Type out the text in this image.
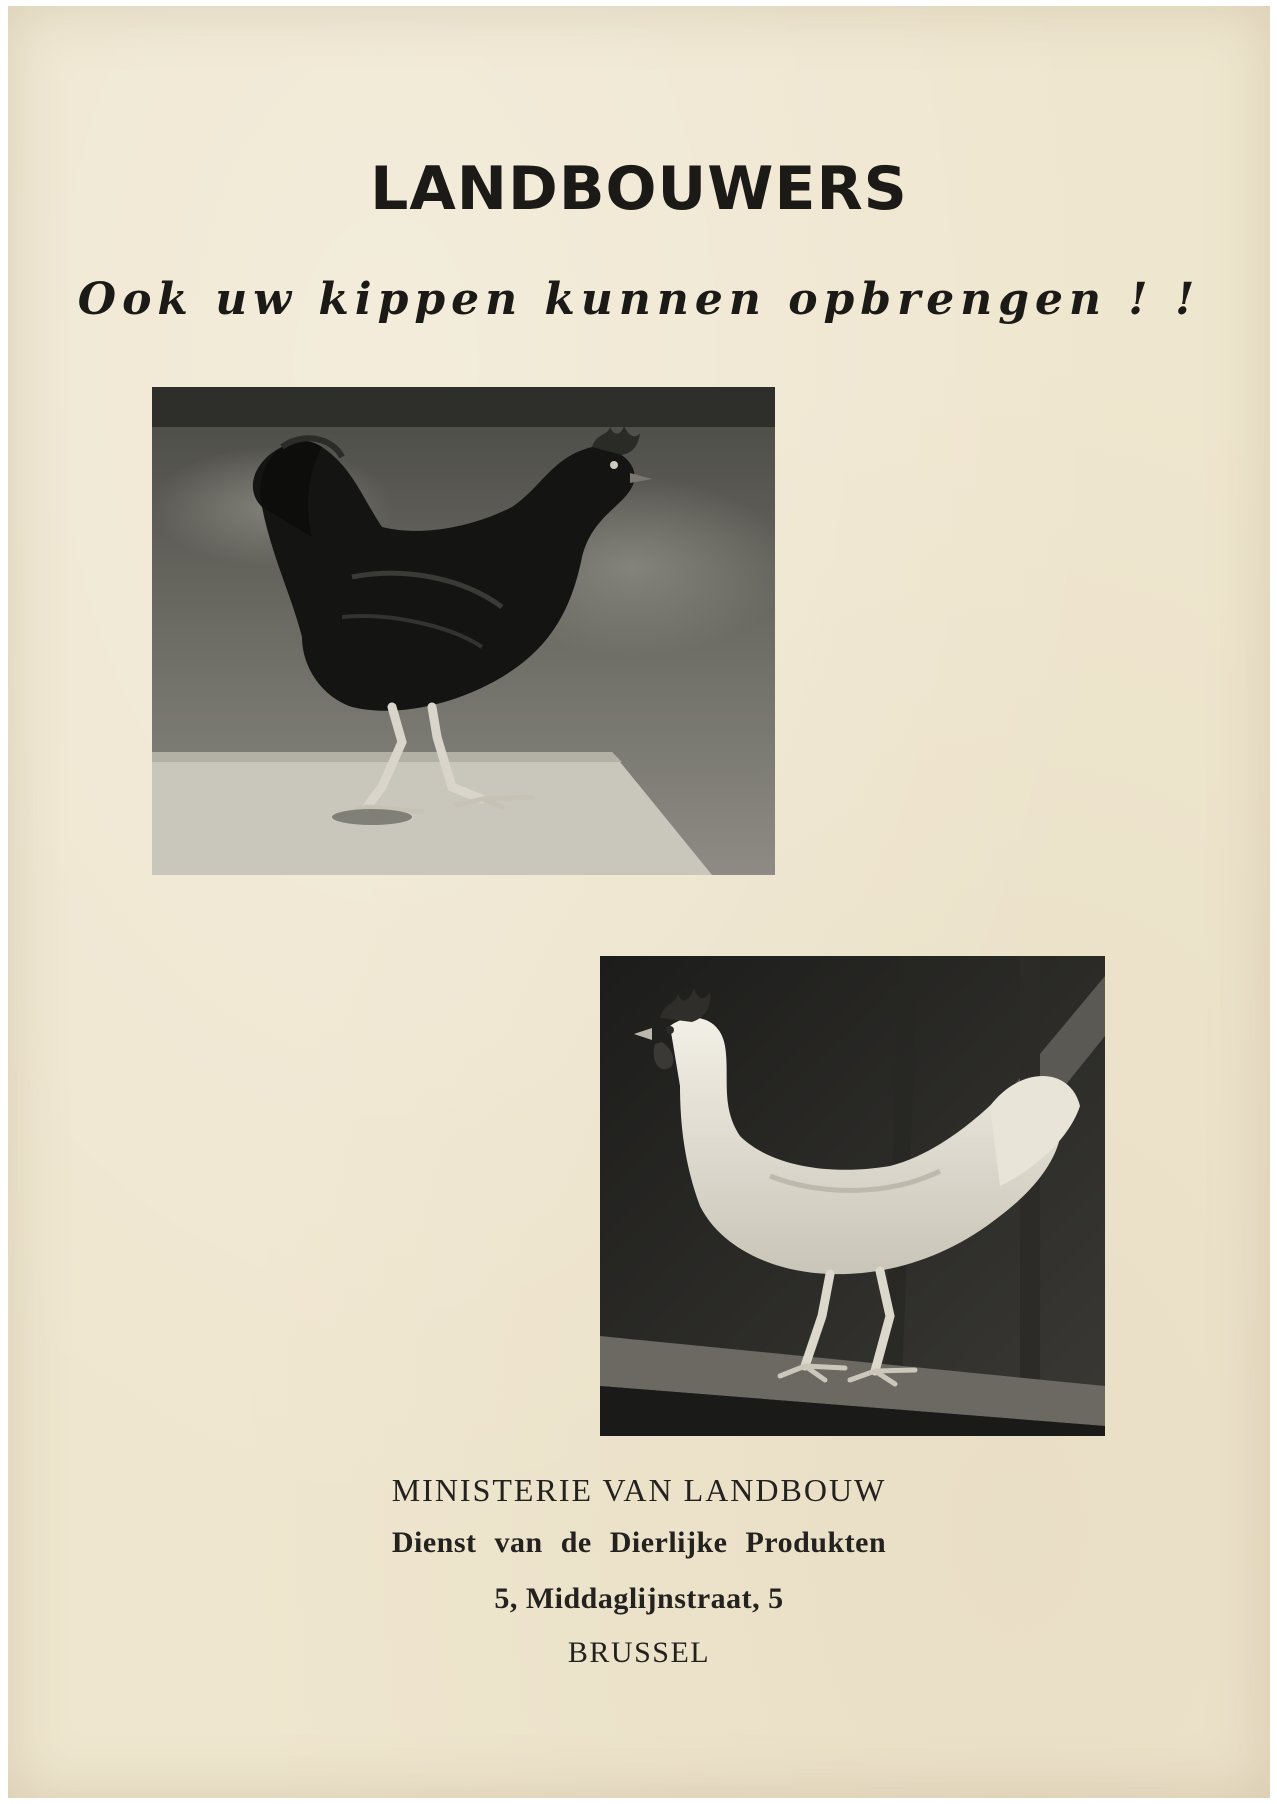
LANDBOUWERS
Ook uw kippen kunnen opbrengen ! !
MINISTERIE VAN LANDBOUW
Dienst van de Dierlijke Produkten
5, Middaglijnstraat, 5
BRUSSEL
